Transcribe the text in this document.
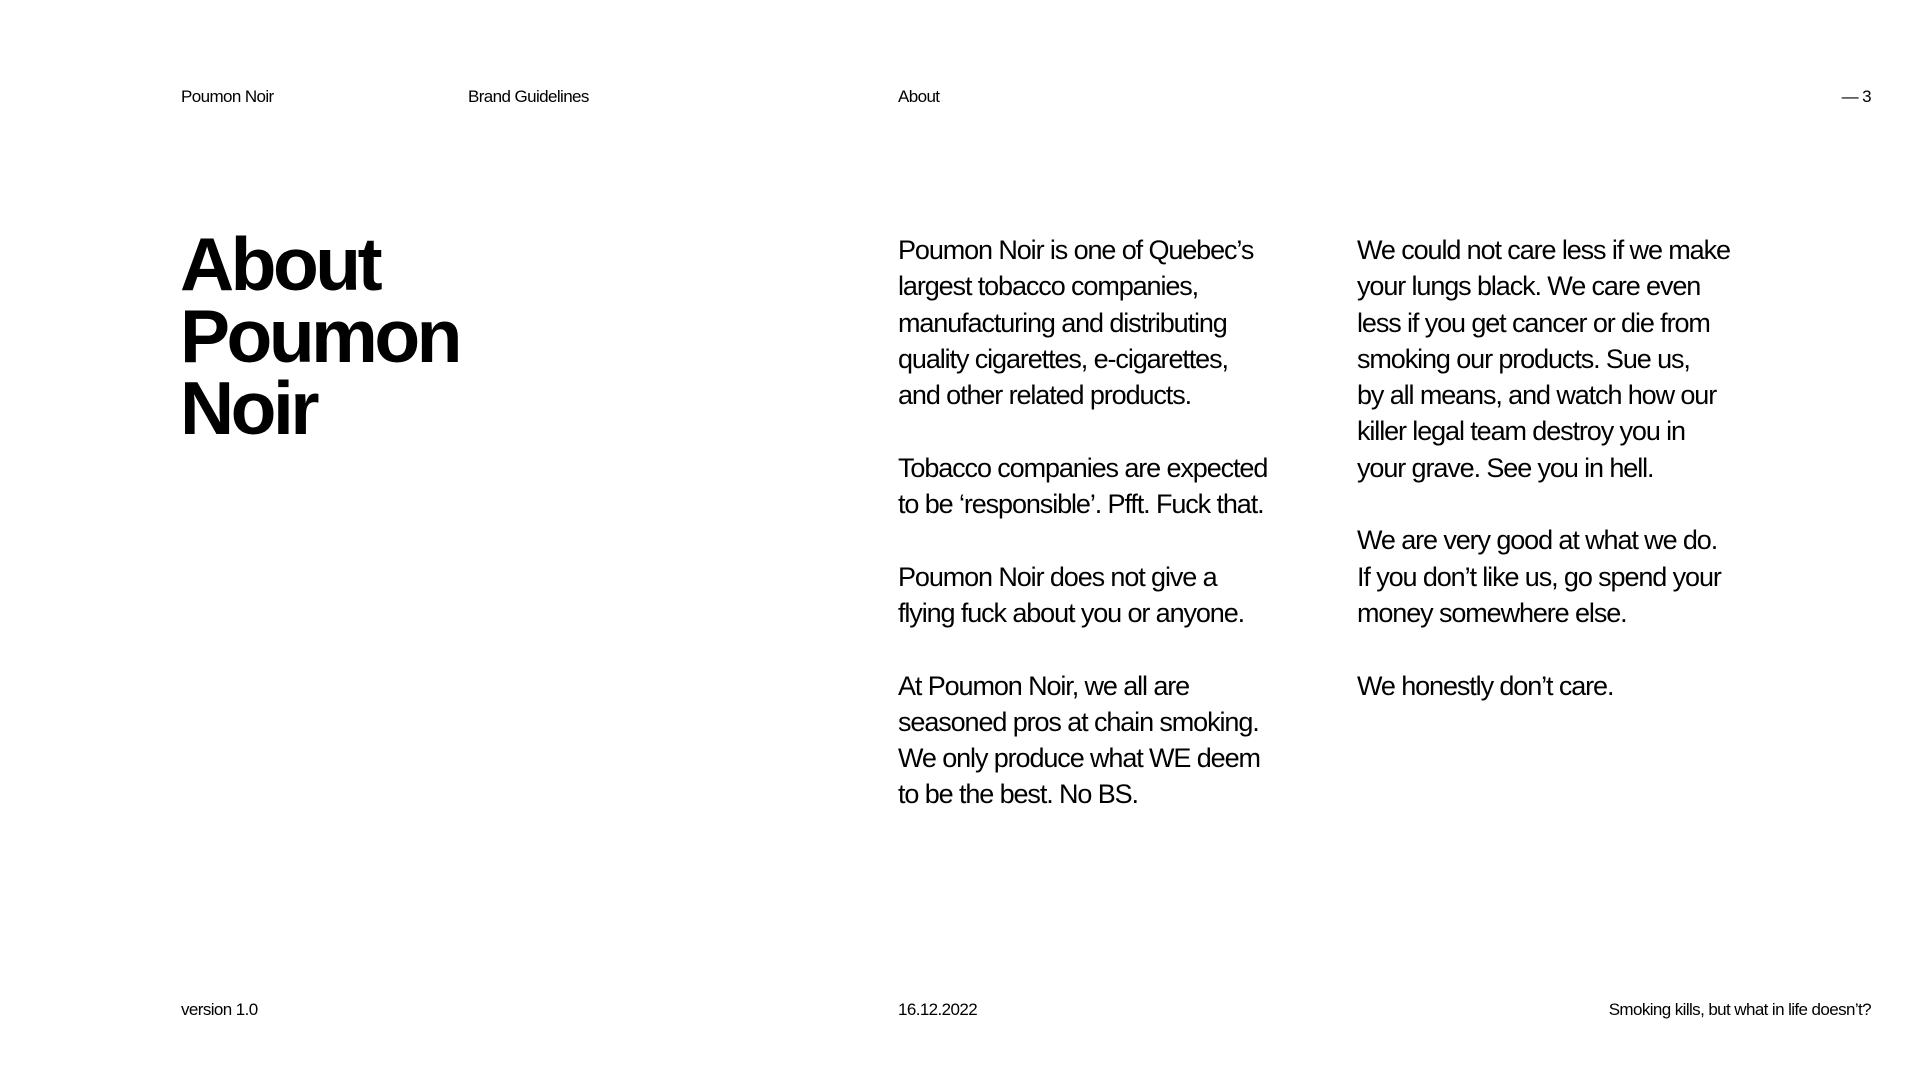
Poumon Noir	Brand Guidelines	About	— 3
About
Poumon
Noir

Poumon Noir is one of Quebec’s
largest tobacco companies,
manufacturing and distributing
quality cigarettes, e-cigarettes,
and other related products.

Tobacco companies are expected
to be ‘responsible’. Pfft. Fuck that.

Poumon Noir does not give a
flying fuck about you or anyone.

At Poumon Noir, we all are
seasoned pros at chain smoking.
We only produce what WE deem
to be the best. No BS.

We could not care less if we make
your lungs black. We care even
less if you get cancer or die from
smoking our products. Sue us,
by all means, and watch how our
killer legal team destroy you in
your grave. See you in hell.

We are very good at what we do.
If you don’t like us, go spend your
money somewhere else.

We honestly don’t care.

version 1.0	16.12.2022	Smoking kills, but what in life doesn’t?
